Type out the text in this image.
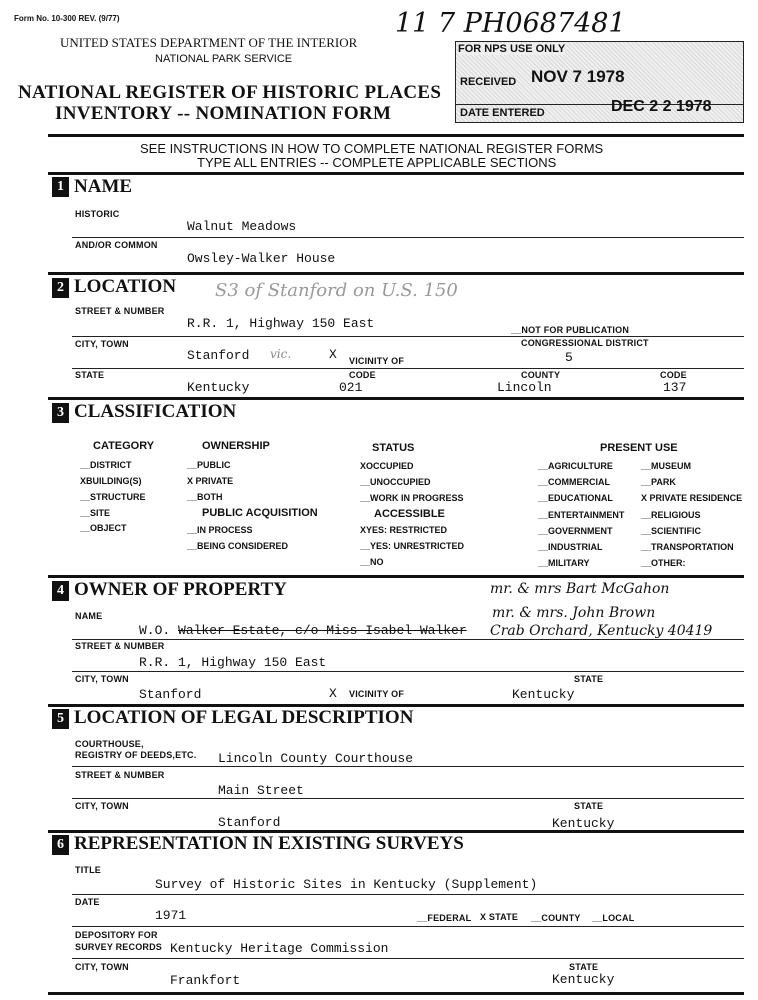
Form No. 10-300 REV. (9/77)
UNITED STATES DEPARTMENT OF THE INTERIOR
NATIONAL PARK SERVICE
NATIONAL REGISTER OF HISTORIC PLACES
INVENTORY -- NOMINATION FORM
11 7 PH0687481
FOR NPS USE ONLY
RECEIVED NOV 7 1978
DATE ENTERED	DEC 2 2 1978
SEE INSTRUCTIONS IN HOW TO COMPLETE NATIONAL REGISTER FORMS
TYPE ALL ENTRIES -- COMPLETE APPLICABLE SECTIONS
1 NAME
HISTORIC
Walnut Meadows
AND/OR COMMON
Owsley-Walker House
2 LOCATION S3 of Stanford on U.S. 150
STREET & NUMBER
R.R. 1, Highway 150 East	__NOT FOR PUBLICATION
CITY, TOWN	CONGRESSIONAL DISTRICT
Stanford vic.	X VICINITY OF	5
STATE	CODE	COUNTY	CODE
Kentucky	021	Lincoln	137
3 CLASSIFICATION
CATEGORY
__DISTRICT
XBUILDING(S)
__STRUCTURE
__SITE
__OBJECT
OWNERSHIP
__PUBLIC
X PRIVATE
__BOTH
PUBLIC ACQUISITION
__IN PROCESS
__BEING CONSIDERED
STATUS
XOCCUPIED
__UNOCCUPIED
__WORK IN PROGRESS
ACCESSIBLE
XYES: RESTRICTED
__YES: UNRESTRICTED
__NO
PRESENT USE
__AGRICULTURE
__COMMERCIAL
__EDUCATIONAL
__ENTERTAINMENT
__GOVERNMENT
__INDUSTRIAL
__MILITARY
__MUSEUM
__PARK
X PRIVATE RESIDENCE
__RELIGIOUS
__SCIENTIFIC
__TRANSPORTATION
__OTHER:
4 OWNER OF PROPERTY	mr. & mrs Bart McGahon
mr. & mrs. John Brown
Crab Orchard, Kentucky 40419
NAME
W.O. Walker Estate, c/o Miss Isabel Walker
STREET & NUMBER
R.R. 1, Highway 150 East
CITY, TOWN	STATE
Stanford	X VICINITY OF	Kentucky
5 LOCATION OF LEGAL DESCRIPTION
COURTHOUSE,
REGISTRY OF DEEDS,ETC. Lincoln County Courthouse
STREET & NUMBER
Main Street
CITY, TOWN	STATE
Stanford	Kentucky
6 REPRESENTATION IN EXISTING SURVEYS
TITLE
Survey of Historic Sites in Kentucky (Supplement)
DATE
1971	__FEDERAL X STATE __COUNTY __LOCAL
DEPOSITORY FOR
SURVEY RECORDS Kentucky Heritage Commission
CITY, TOWN	STATE
Frankfort	Kentucky
